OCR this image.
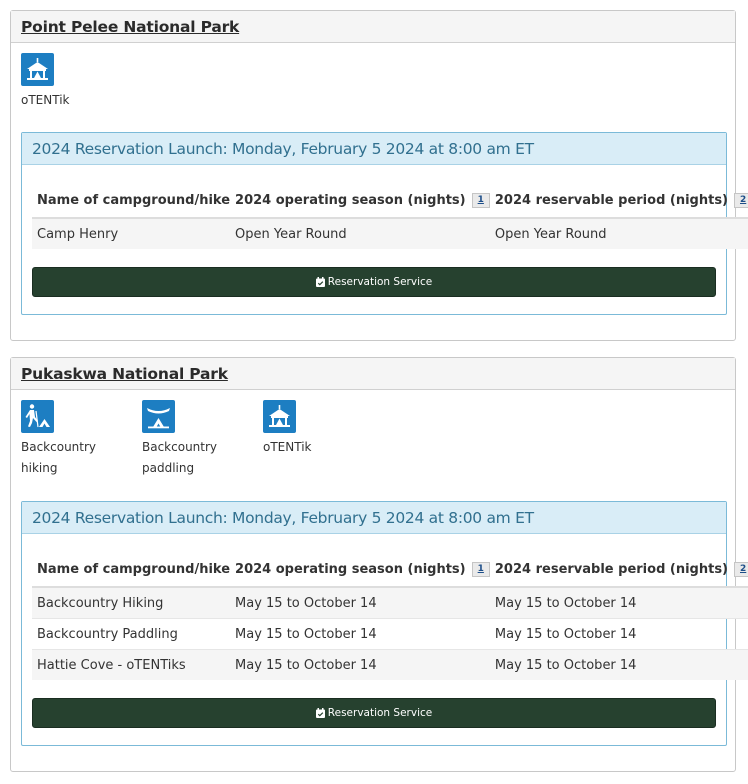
Point Pelee National Park
oTENTik
2024 Reservation Launch: Monday, February 5 2024 at 8:00 am ET
Name of campground/hike	2024 operating season (nights) 1	2024 reservable period (nights) 2
Camp Henry	Open Year Round	Open Year Round
Reservation Service
Pukaskwa National Park
Backcountry hiking
Backcountry paddling
oTENTik
2024 Reservation Launch: Monday, February 5 2024 at 8:00 am ET
Name of campground/hike	2024 operating season (nights) 1	2024 reservable period (nights) 2
Backcountry Hiking	May 15 to October 14	May 15 to October 14
Backcountry Paddling	May 15 to October 14	May 15 to October 14
Hattie Cove - oTENTiks	May 15 to October 14	May 15 to October 14
Reservation Service
